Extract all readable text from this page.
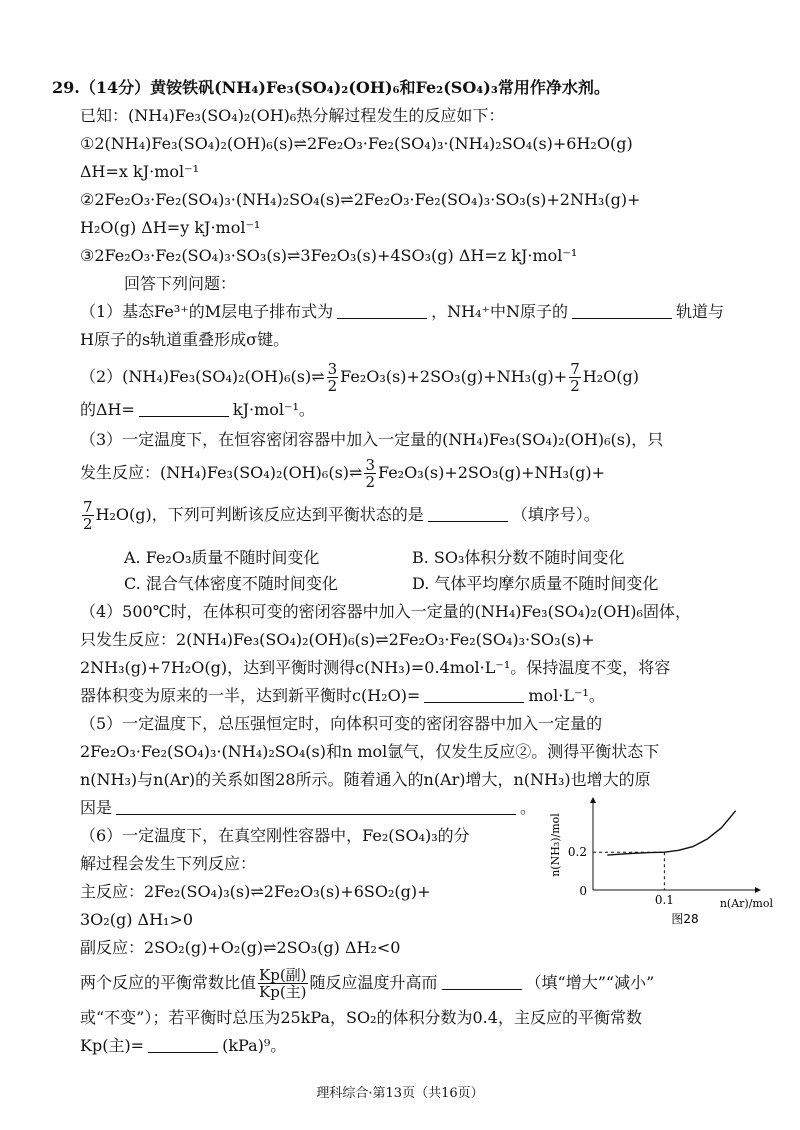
29.（14分）黄铵铁矾(NH₄)Fe₃(SO₄)₂(OH)₆和Fe₂(SO₄)₃常用作净水剂。
已知：(NH₄)Fe₃(SO₄)₂(OH)₆热分解过程发生的反应如下：
①2(NH₄)Fe₃(SO₄)₂(OH)₆(s)⇌2Fe₂O₃·Fe₂(SO₄)₃·(NH₄)₂SO₄(s)+6H₂O(g)
ΔH=x kJ·mol⁻¹
②2Fe₂O₃·Fe₂(SO₄)₃·(NH₄)₂SO₄(s)⇌2Fe₂O₃·Fe₂(SO₄)₃·SO₃(s)+2NH₃(g)+
H₂O(g) ΔH=y kJ·mol⁻¹
③2Fe₂O₃·Fe₂(SO₄)₃·SO₃(s)⇌3Fe₂O₃(s)+4SO₃(g) ΔH=z kJ·mol⁻¹
回答下列问题：
（1）基态Fe³⁺的M层电子排布式为	，NH₄⁺中N原子的	轨道与
H原子的s轨道重叠形成σ键。
（2）(NH₄)Fe₃(SO₄)₂(OH)₆(s)⇌ $\frac{3}{2} Fe_2O_3(s)+2SO_3(g)+NH_3(g)+ \frac{7}{2} H_2O(g)$
的ΔH=	kJ·mol⁻¹。
（3）一定温度下，在恒容密闭容器中加入一定量的(NH₄)Fe₃(SO₄)₂(OH)₆(s)，只
发生反应：(NH₄)Fe₃(SO₄)₂(OH)₆(s)⇌ $\frac{3}{2} Fe_2O_3(s)+2SO_3(g)+NH_3(g)+$
$\frac{7}{2} H_2O(g)$，下列可判断该反应达到平衡状态的是	（填序号）。
A. Fe₂O₃质量不随时间变化	B. SO₃体积分数不随时间变化
C. 混合气体密度不随时间变化	D. 气体平均摩尔质量不随时间变化
（4）500℃时，在体积可变的密闭容器中加入一定量的(NH₄)Fe₃(SO₄)₂(OH)₆固体，
只发生反应：2(NH₄)Fe₃(SO₄)₂(OH)₆(s)⇌2Fe₂O₃·Fe₂(SO₄)₃·SO₃(s)+
2NH₃(g)+7H₂O(g)，达到平衡时测得c(NH₃)=0.4mol·L⁻¹。保持温度不变，将容
器体积变为原来的一半，达到新平衡时c(H₂O)=	mol·L⁻¹。
（5）一定温度下，总压强恒定时，向体积可变的密闭容器中加入一定量的
2Fe₂O₃·Fe₂(SO₄)₃·(NH₄)₂SO₄(s)和n mol氩气，仅发生反应②。测得平衡状态下
n(NH₃)与n(Ar)的关系如图28所示。随着通入的n(Ar)增大，n(NH₃)也增大的原
因是	。
（6）一定温度下，在真空刚性容器中，Fe₂(SO₄)₃的分
解过程会发生下列反应：
主反应：2Fe₂(SO₄)₃(s)⇌2Fe₂O₃(s)+6SO₂(g)+
3O₂(g) ΔH₁>0
副反应：2SO₂(g)+O₂(g)⇌2SO₃(g) ΔH₂<0
两个反应的平衡常数比值 $\frac{\text{Kp(副)}}{\text{Kp(主)}}$ 随反应温度升高而	（填“增大”“减小”
或“不变”）；若平衡时总压为25kPa，SO₂的体积分数为0.4，主反应的平衡常数
Kp(主)=	(kPa)⁹。
0.2
0.1
0
n(Ar)/mol
n(NH₃)/mol
图28
理科综合·第13页（共16页）
